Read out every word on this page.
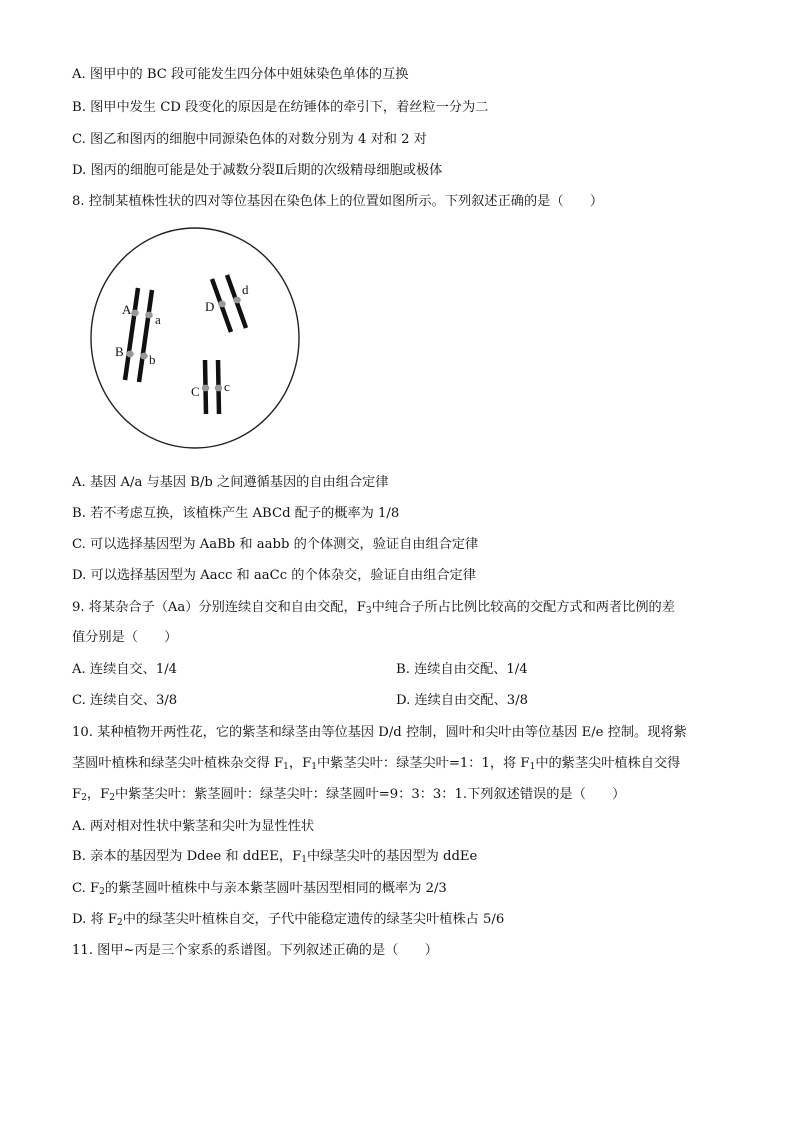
A. 图甲中的 BC 段可能发生四分体中姐妹染色单体的互换
B. 图甲中发生 CD 段变化的原因是在纺锤体的牵引下，着丝粒一分为二
C. 图乙和图丙的细胞中同源染色体的对数分别为 4 对和 2 对
D. 图丙的细胞可能是处于减数分裂Ⅱ后期的次级精母细胞或极体
8. 控制某植株性状的四对等位基因在染色体上的位置如图所示。下列叙述正确的是（　　）
A
a
B
b
C c
D
d
A. 基因 A/a 与基因 B/b 之间遵循基因的自由组合定律
B. 若不考虑互换，该植株产生 ABCd 配子的概率为 1/8
C. 可以选择基因型为 AaBb 和 aabb 的个体测交，验证自由组合定律
D. 可以选择基因型为 Aacc 和 aaCc 的个体杂交，验证自由组合定律
9. 将某杂合子（Aa）分别连续自交和自由交配，$F_3$中纯合子所占比例比较高的交配方式和两者比例的差
值分别是（　　）
A. 连续自交、1/4	B. 连续自由交配、1/4
C. 连续自交、3/8	D. 连续自由交配、3/8
10. 某种植物开两性花，它的紫茎和绿茎由等位基因 D/d 控制，圆叶和尖叶由等位基因 E/e 控制。现将紫
茎圆叶植株和绿茎尖叶植株杂交得 $F_1$，$F_1$中紫茎尖叶：绿茎尖叶=1：1，将 $F_1$中的紫茎尖叶植株自交得
$F_2$，$F_2$中紫茎尖叶：紫茎圆叶：绿茎尖叶：绿茎圆叶=9：3：3：1.下列叙述错误的是（　　）
A. 两对相对性状中紫茎和尖叶为显性性状
B. 亲本的基因型为 Ddee 和 ddEE，$F_1$中绿茎尖叶的基因型为 ddEe
C. $F_2$的紫茎圆叶植株中与亲本紫茎圆叶基因型相同的概率为 2/3
D. 将 $F_2$中的绿茎尖叶植株自交，子代中能稳定遗传的绿茎尖叶植株占 5/6
11. 图甲~丙是三个家系的系谱图。下列叙述正确的是（　　）
